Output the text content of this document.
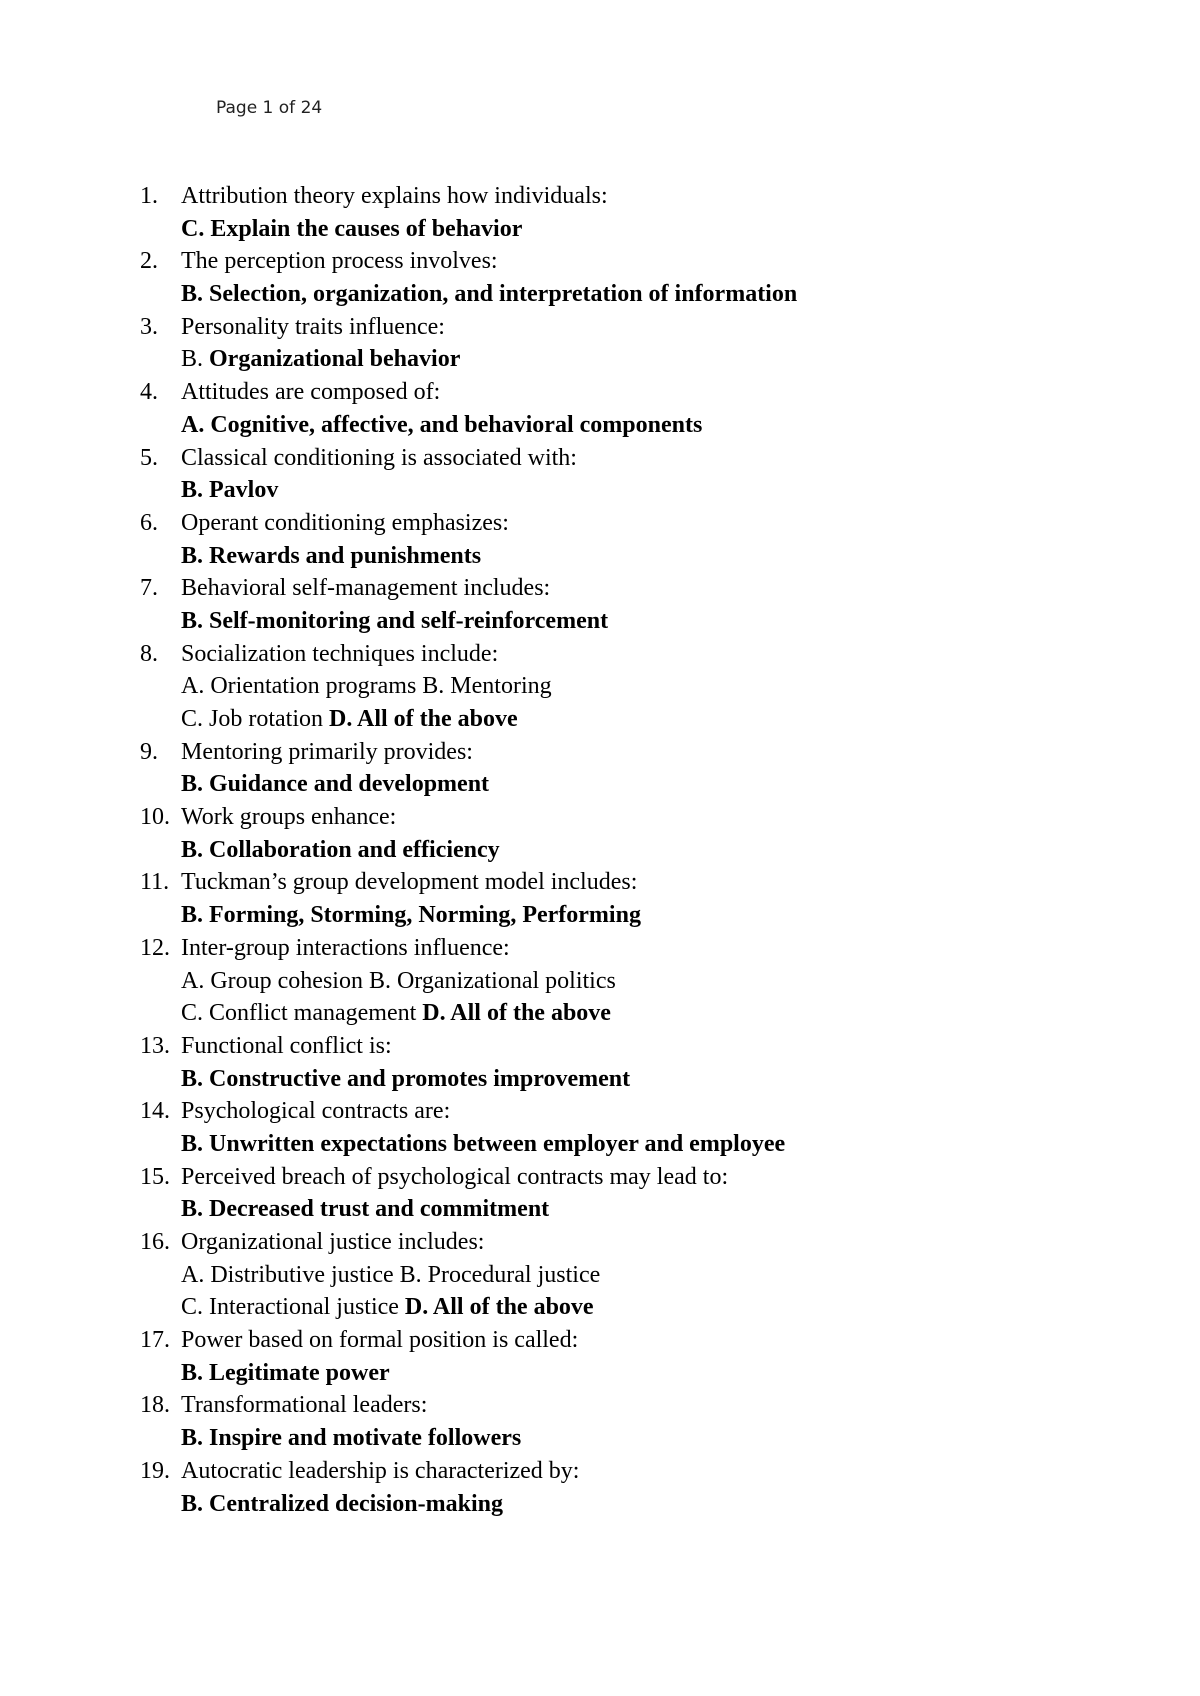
Page 1 of 24
1. Attribution theory explains how individuals:
C. Explain the causes of behavior
2. The perception process involves:
B. Selection, organization, and interpretation of information
3. Personality traits influence:
B. Organizational behavior
4. Attitudes are composed of:
A. Cognitive, affective, and behavioral components
5. Classical conditioning is associated with:
B. Pavlov
6. Operant conditioning emphasizes:
B. Rewards and punishments
7. Behavioral self-management includes:
B. Self-monitoring and self-reinforcement
8. Socialization techniques include:
A. Orientation programs B. Mentoring
C. Job rotation D. All of the above
9. Mentoring primarily provides:
B. Guidance and development
10. Work groups enhance:
B. Collaboration and efficiency
11. Tuckman’s group development model includes:
B. Forming, Storming, Norming, Performing
12. Inter-group interactions influence:
A. Group cohesion B. Organizational politics
C. Conflict management D. All of the above
13. Functional conflict is:
B. Constructive and promotes improvement
14. Psychological contracts are:
B. Unwritten expectations between employer and employee
15. Perceived breach of psychological contracts may lead to:
B. Decreased trust and commitment
16. Organizational justice includes:
A. Distributive justice B. Procedural justice
C. Interactional justice D. All of the above
17. Power based on formal position is called:
B. Legitimate power
18. Transformational leaders:
B. Inspire and motivate followers
19. Autocratic leadership is characterized by:
B. Centralized decision-making
